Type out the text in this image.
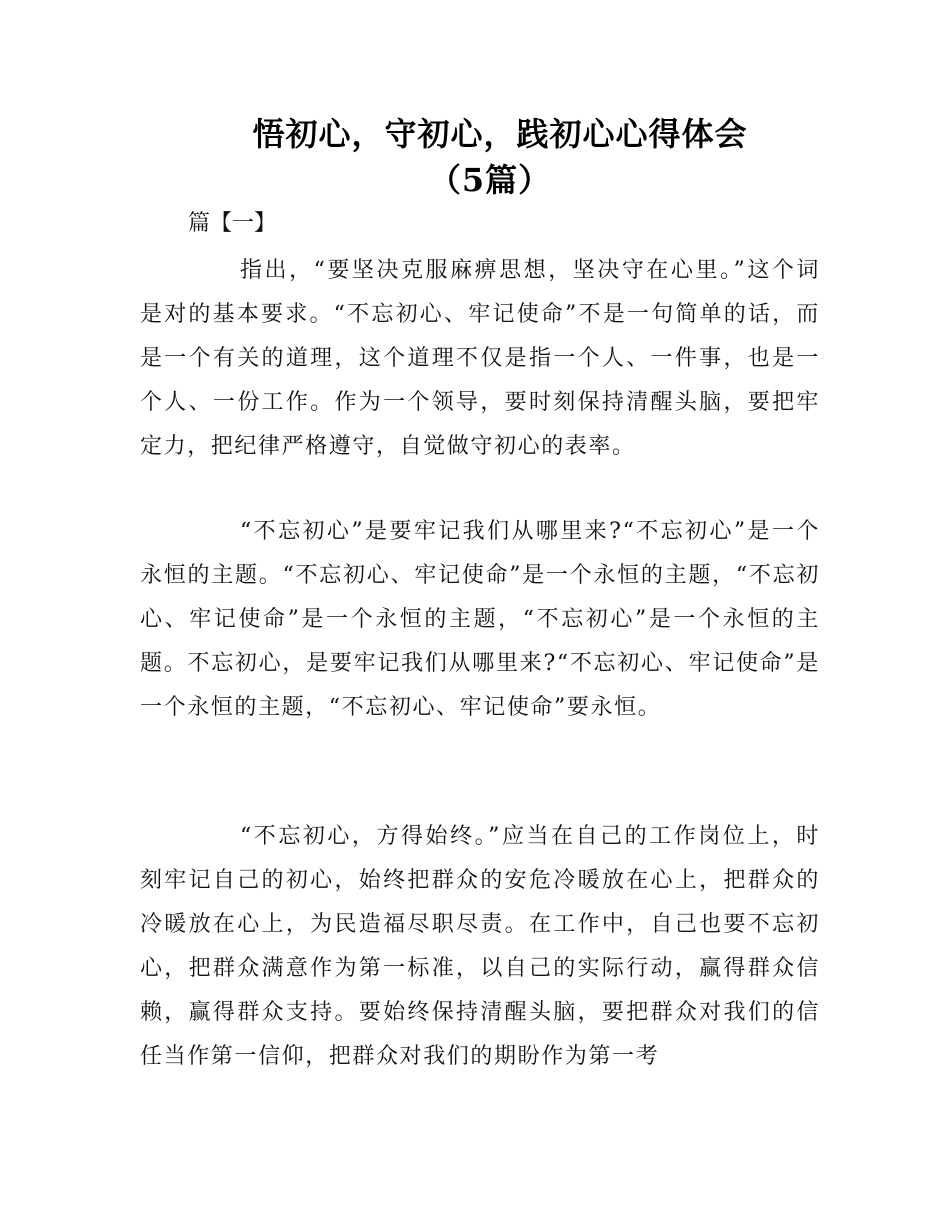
悟初心，守初心，践初心心得体会
（5篇）

篇【一】

指出，“要坚决克服麻痹思想，坚决守在心里。”这个词是对的基本要求。“不忘初心、牢记使命”不是一句简单的话，而是一个有关的道理，这个道理不仅是指一个人、一件事，也是一个人、一份工作。作为一个领导，要时刻保持清醒头脑，要把牢定力，把纪律严格遵守，自觉做守初心的表率。

“不忘初心”是要牢记我们从哪里来?“不忘初心”是一个永恒的主题。“不忘初心、牢记使命”是一个永恒的主题，“不忘初心、牢记使命”是一个永恒的主题，“不忘初心”是一个永恒的主题。不忘初心，是要牢记我们从哪里来?“不忘初心、牢记使命”是一个永恒的主题，“不忘初心、牢记使命”要永恒。

“不忘初心，方得始终。”应当在自己的工作岗位上，时刻牢记自己的初心，始终把群众的安危冷暖放在心上，把群众的冷暖放在心上，为民造福尽职尽责。在工作中，自己也要不忘初心，把群众满意作为第一标准，以自己的实际行动，赢得群众信赖，赢得群众支持。要始终保持清醒头脑，要把群众对我们的信任当作第一信仰，把群众对我们的期盼作为第一考
